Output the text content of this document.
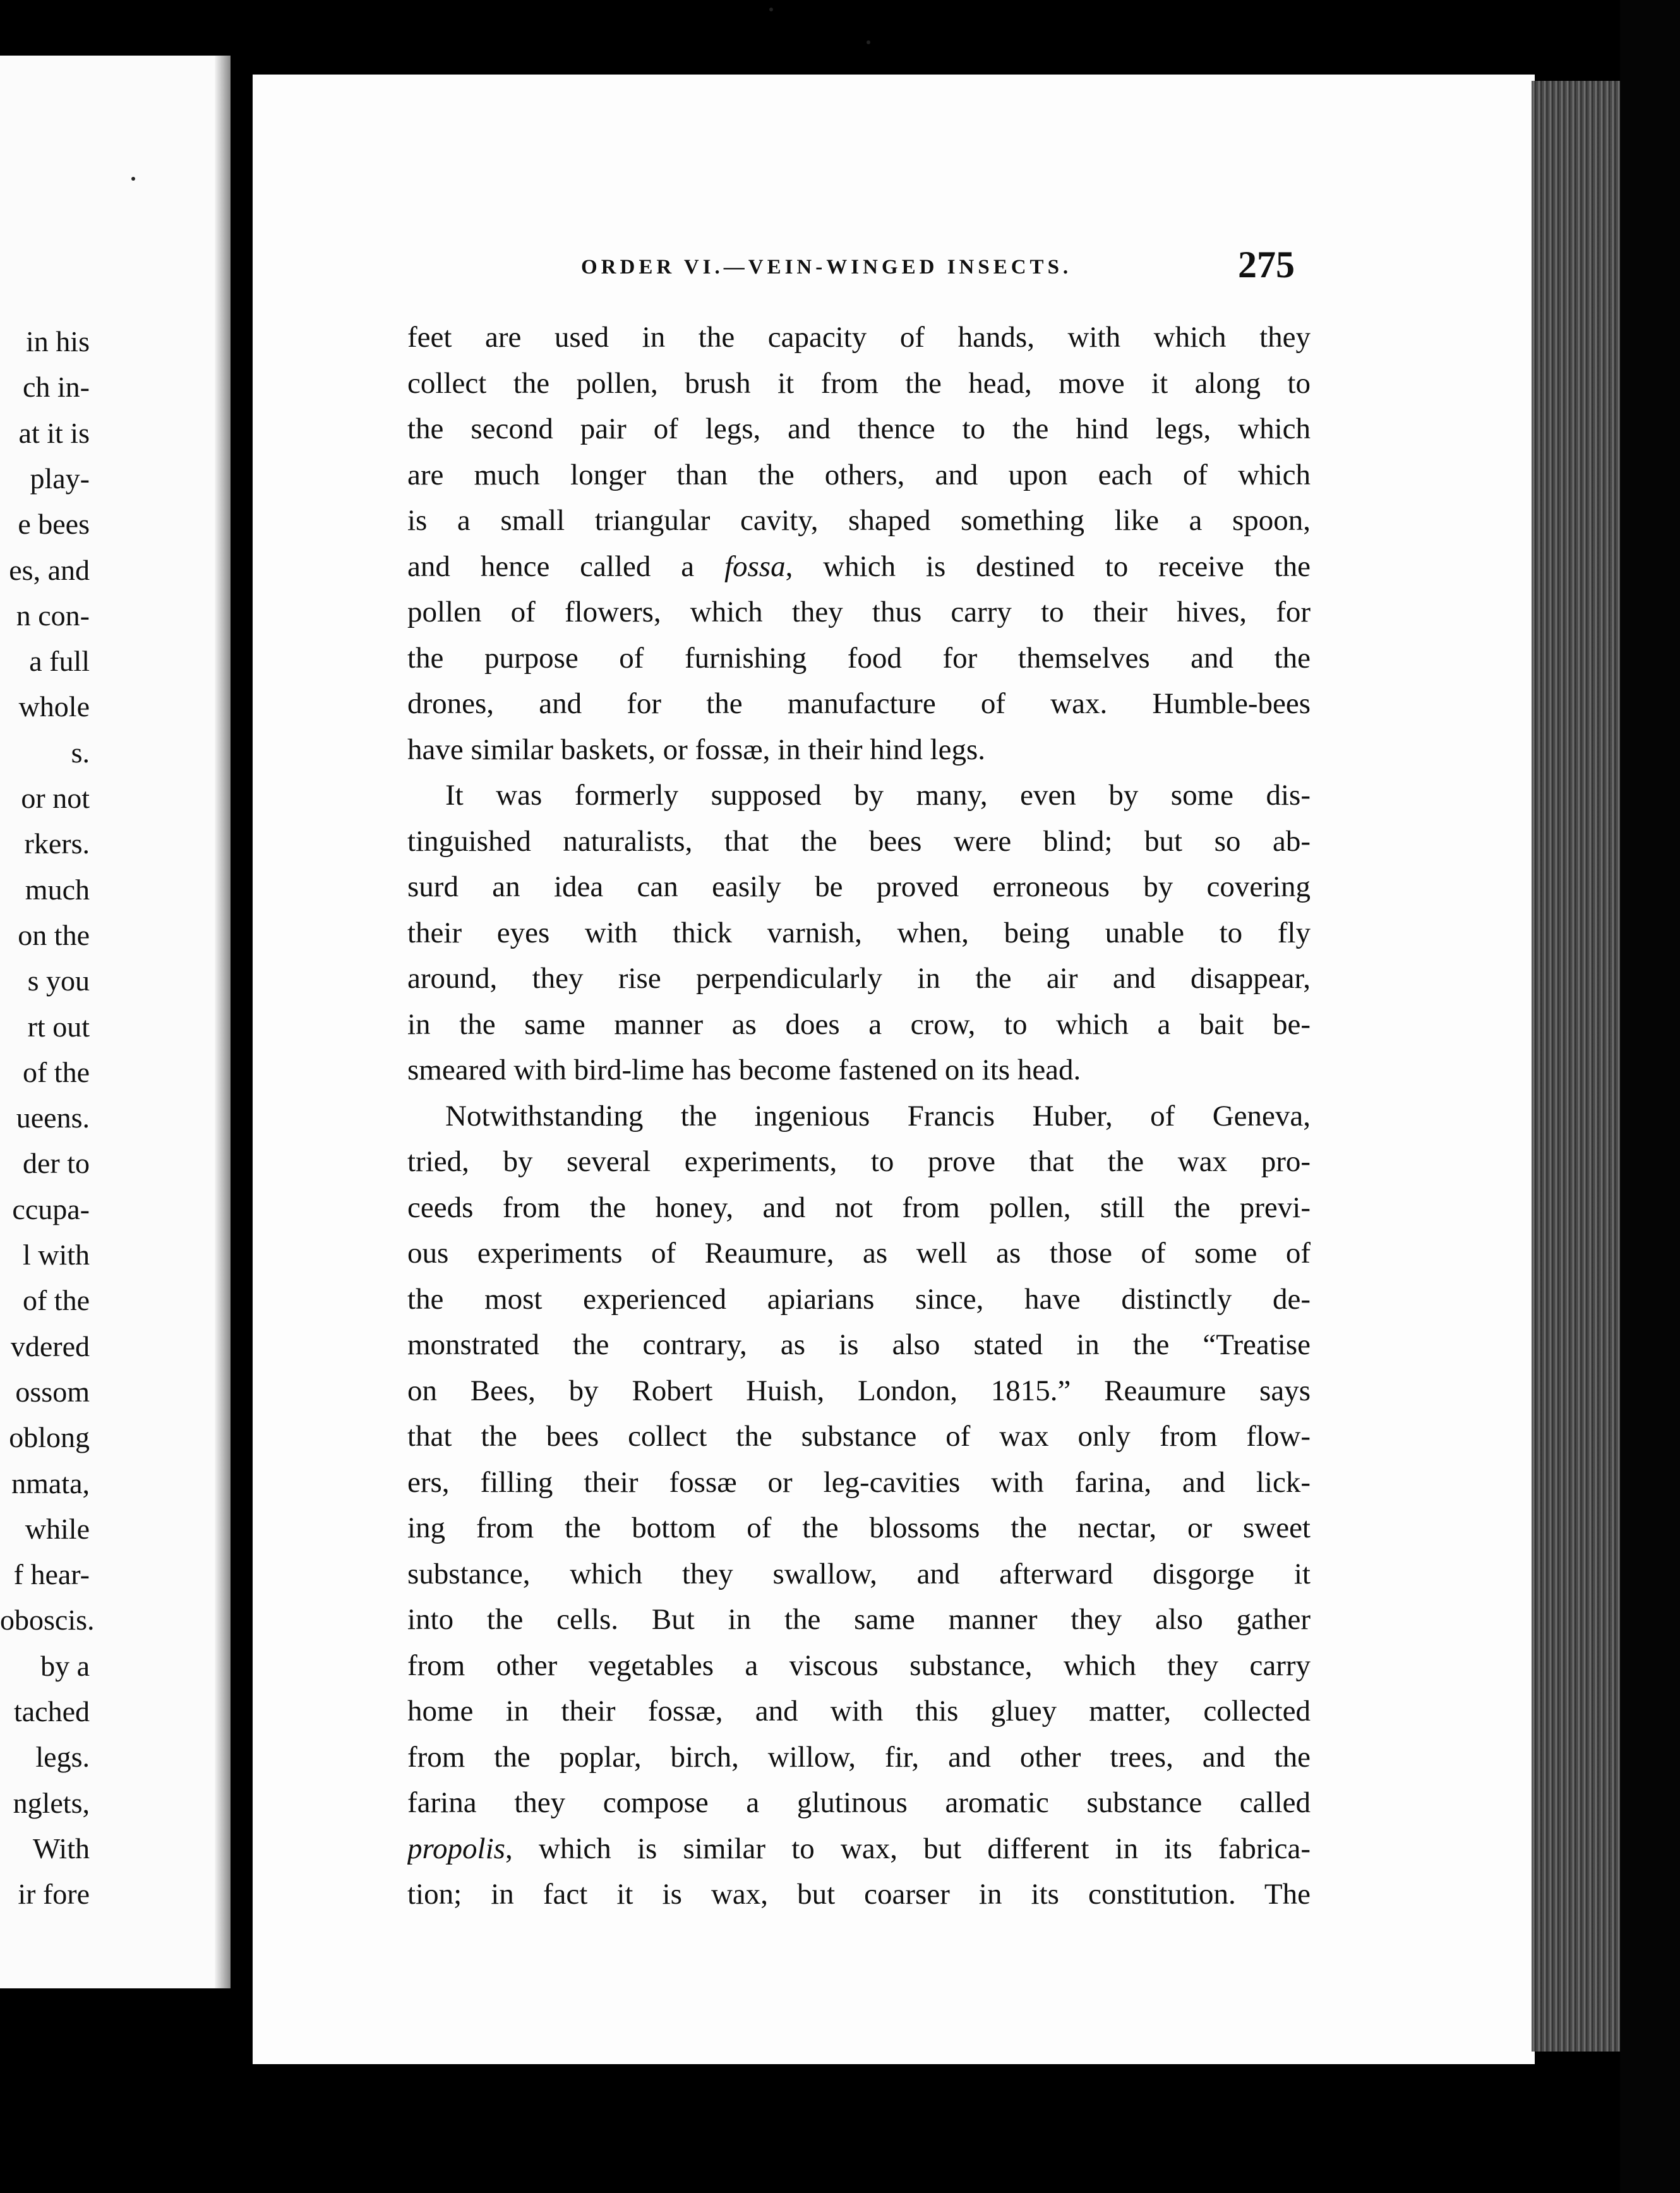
in his
ch in-
at it is
play-
e bees
es, and
n con-
a full
whole
s.
or not
rkers.
much
on the
s you
rt out
of the
ueens.
der to
ccupa-
l with
of the
vdered
ossom
oblong
nmata,
while
f hear-
oboscis.
by a
tached
legs.
nglets,
With
ir fore
ORDER VI.—VEIN-WINGED INSECTS.	275
feet are used in the capacity of hands, with which they
collect the pollen, brush it from the head, move it along to
the second pair of legs, and thence to the hind legs, which
are much longer than the others, and upon each of which
is a small triangular cavity, shaped something like a spoon,
and hence called a fossa, which is destined to receive the
pollen of flowers, which they thus carry to their hives, for
the purpose of furnishing food for themselves and the
drones, and for the manufacture of wax. Humble-bees
have similar baskets, or fossæ, in their hind legs.
It was formerly supposed by many, even by some dis-
tinguished naturalists, that the bees were blind; but so ab-
surd an idea can easily be proved erroneous by covering
their eyes with thick varnish, when, being unable to fly
around, they rise perpendicularly in the air and disappear,
in the same manner as does a crow, to which a bait be-
smeared with bird-lime has become fastened on its head.
Notwithstanding the ingenious Francis Huber, of Geneva,
tried, by several experiments, to prove that the wax pro-
ceeds from the honey, and not from pollen, still the previ-
ous experiments of Reaumure, as well as those of some of
the most experienced apiarians since, have distinctly de-
monstrated the contrary, as is also stated in the “Treatise
on Bees, by Robert Huish, London, 1815.” Reaumure says
that the bees collect the substance of wax only from flow-
ers, filling their fossæ or leg-cavities with farina, and lick-
ing from the bottom of the blossoms the nectar, or sweet
substance, which they swallow, and afterward disgorge it
into the cells. But in the same manner they also gather
from other vegetables a viscous substance, which they carry
home in their fossæ, and with this gluey matter, collected
from the poplar, birch, willow, fir, and other trees, and the
farina they compose a glutinous aromatic substance called
propolis, which is similar to wax, but different in its fabrica-
tion; in fact it is wax, but coarser in its constitution. The
